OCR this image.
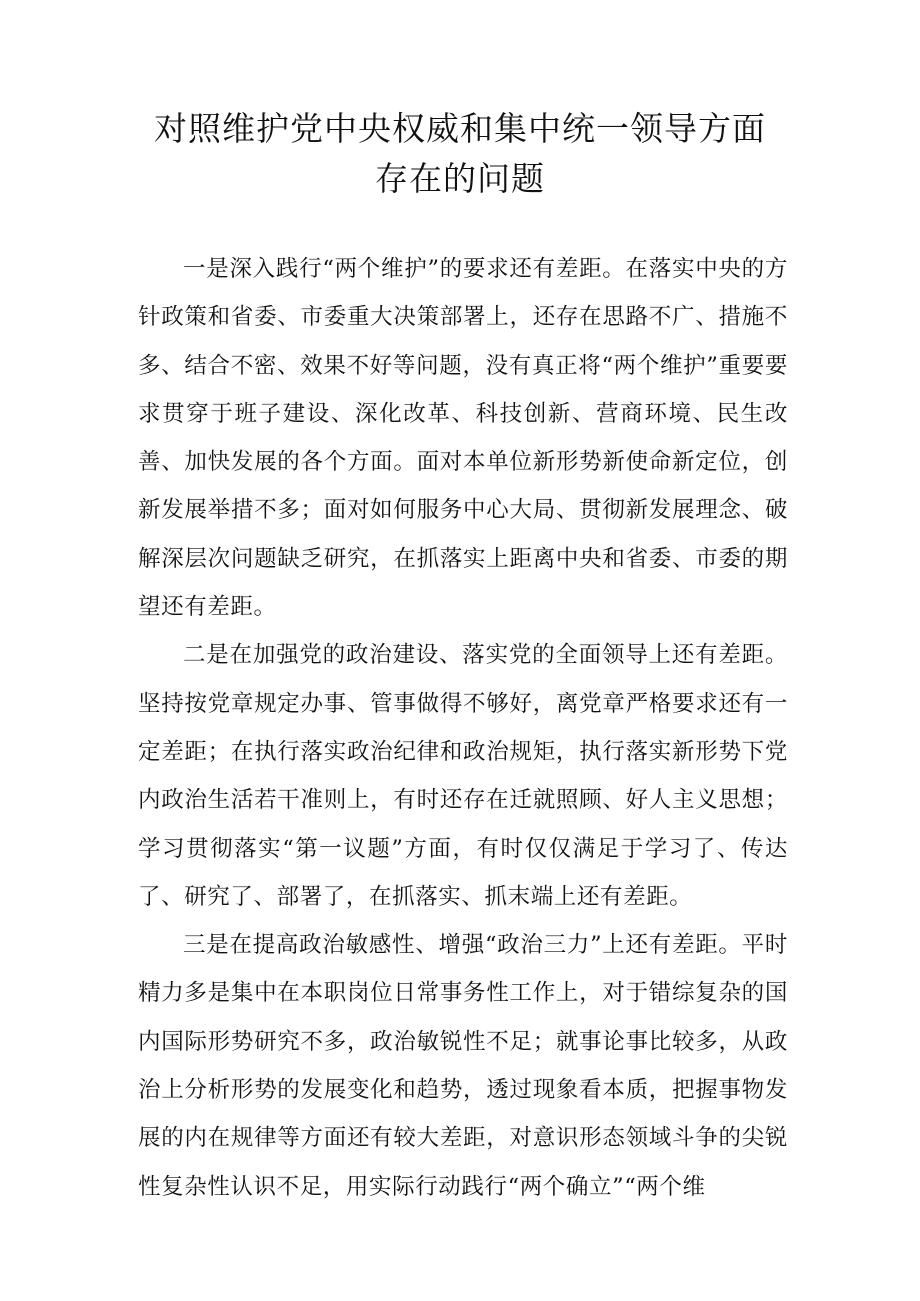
对照维护党中央权威和集中统一领导方面
存在的问题

一是深入践行“两个维护”的要求还有差距。在落实中央的方针政策和省委、市委重大决策部署上，还存在思路不广、措施不多、结合不密、效果不好等问题，没有真正将“两个维护”重要要求贯穿于班子建设、深化改革、科技创新、营商环境、民生改善、加快发展的各个方面。面对本单位新形势新使命新定位，创新发展举措不多；面对如何服务中心大局、贯彻新发展理念、破解深层次问题缺乏研究，在抓落实上距离中央和省委、市委的期望还有差距。

二是在加强党的政治建设、落实党的全面领导上还有差距。坚持按党章规定办事、管事做得不够好，离党章严格要求还有一定差距；在执行落实政治纪律和政治规矩，执行落实新形势下党内政治生活若干准则上，有时还存在迁就照顾、好人主义思想；学习贯彻落实“第一议题”方面，有时仅仅满足于学习了、传达了、研究了、部署了，在抓落实、抓末端上还有差距。

三是在提高政治敏感性、增强“政治三力”上还有差距。平时精力多是集中在本职岗位日常事务性工作上，对于错综复杂的国内国际形势研究不多，政治敏锐性不足；就事论事比较多，从政治上分析形势的发展变化和趋势，透过现象看本质，把握事物发展的内在规律等方面还有较大差距，对意识形态领域斗争的尖锐性复杂性认识不足，用实际行动践行“两个确立”“两个维
